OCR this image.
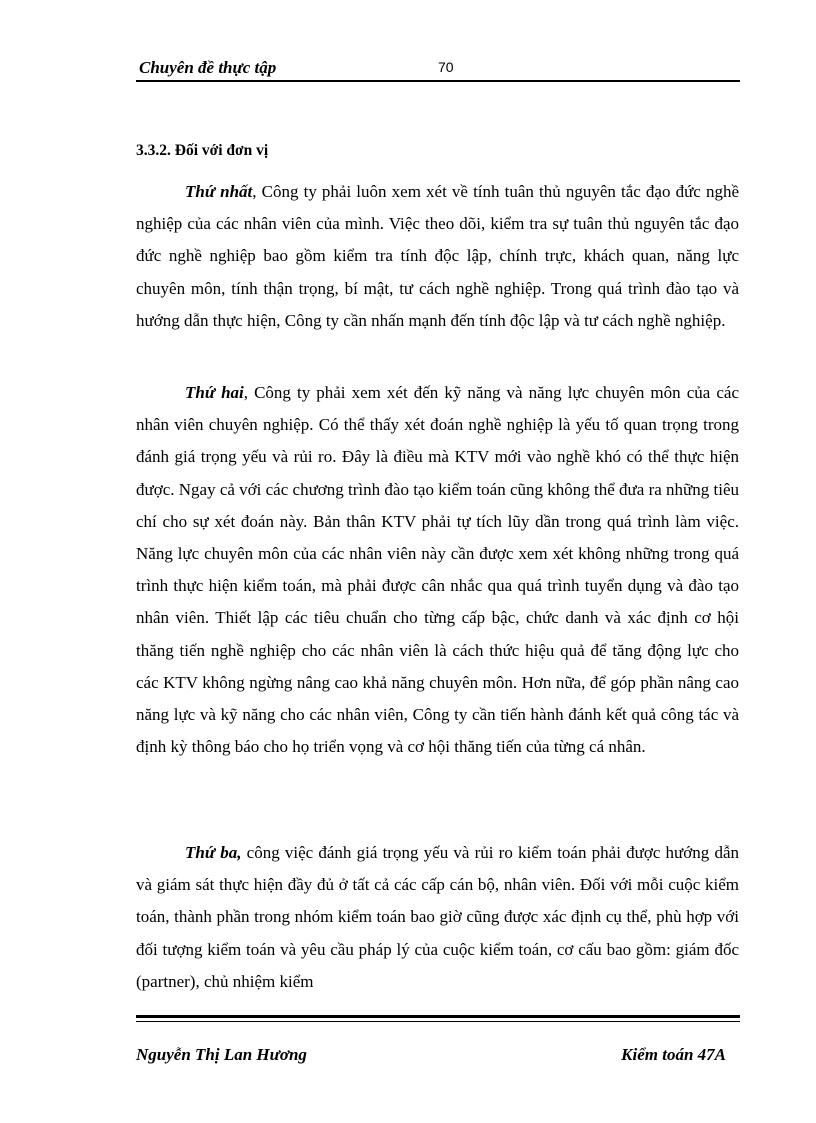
Chuyên đề thực tập	70
3.3.2. Đối với đơn vị

Thứ nhất, Công ty phải luôn xem xét về tính tuân thủ nguyên tắc đạo đức nghề nghiệp của các nhân viên của mình. Việc theo dõi, kiểm tra sự tuân thủ nguyên tắc đạo đức nghề nghiệp bao gồm kiểm tra tính độc lập, chính trực, khách quan, năng lực chuyên môn, tính thận trọng, bí mật, tư cách nghề nghiệp. Trong quá trình đào tạo và hướng dẫn thực hiện, Công ty cần nhấn mạnh đến tính độc lập và tư cách nghề nghiệp.

Thứ hai, Công ty phải xem xét đến kỹ năng và năng lực chuyên môn của các nhân viên chuyên nghiệp. Có thể thấy xét đoán nghề nghiệp là yếu tố quan trọng trong đánh giá trọng yếu và rủi ro. Đây là điều mà KTV mới vào nghề khó có thể thực hiện được. Ngay cả với các chương trình đào tạo kiểm toán cũng không thể đưa ra những tiêu chí cho sự xét đoán này. Bản thân KTV phải tự tích lũy dần trong quá trình làm việc. Năng lực chuyên môn của các nhân viên này cần được xem xét không những trong quá trình thực hiện kiểm toán, mà phải được cân nhắc qua quá trình tuyển dụng và đào tạo nhân viên. Thiết lập các tiêu chuẩn cho từng cấp bậc, chức danh và xác định cơ hội thăng tiến nghề nghiệp cho các nhân viên là cách thức hiệu quả để tăng động lực cho các KTV không ngừng nâng cao khả năng chuyên môn. Hơn nữa, để góp phần nâng cao năng lực và kỹ năng cho các nhân viên, Công ty cần tiến hành đánh kết quả công tác và định kỳ thông báo cho họ triển vọng và cơ hội thăng tiến của từng cá nhân.

Thứ ba, công việc đánh giá trọng yếu và rủi ro kiểm toán phải được hướng dẫn và giám sát thực hiện đầy đủ ở tất cả các cấp cán bộ, nhân viên. Đối với mỗi cuộc kiểm toán, thành phần trong nhóm kiểm toán bao giờ cũng được xác định cụ thể, phù hợp với đối tượng kiểm toán và yêu cầu pháp lý của cuộc kiểm toán, cơ cấu bao gồm: giám đốc (partner), chủ nhiệm kiểm

Nguyễn Thị Lan Hương	Kiểm toán 47A
